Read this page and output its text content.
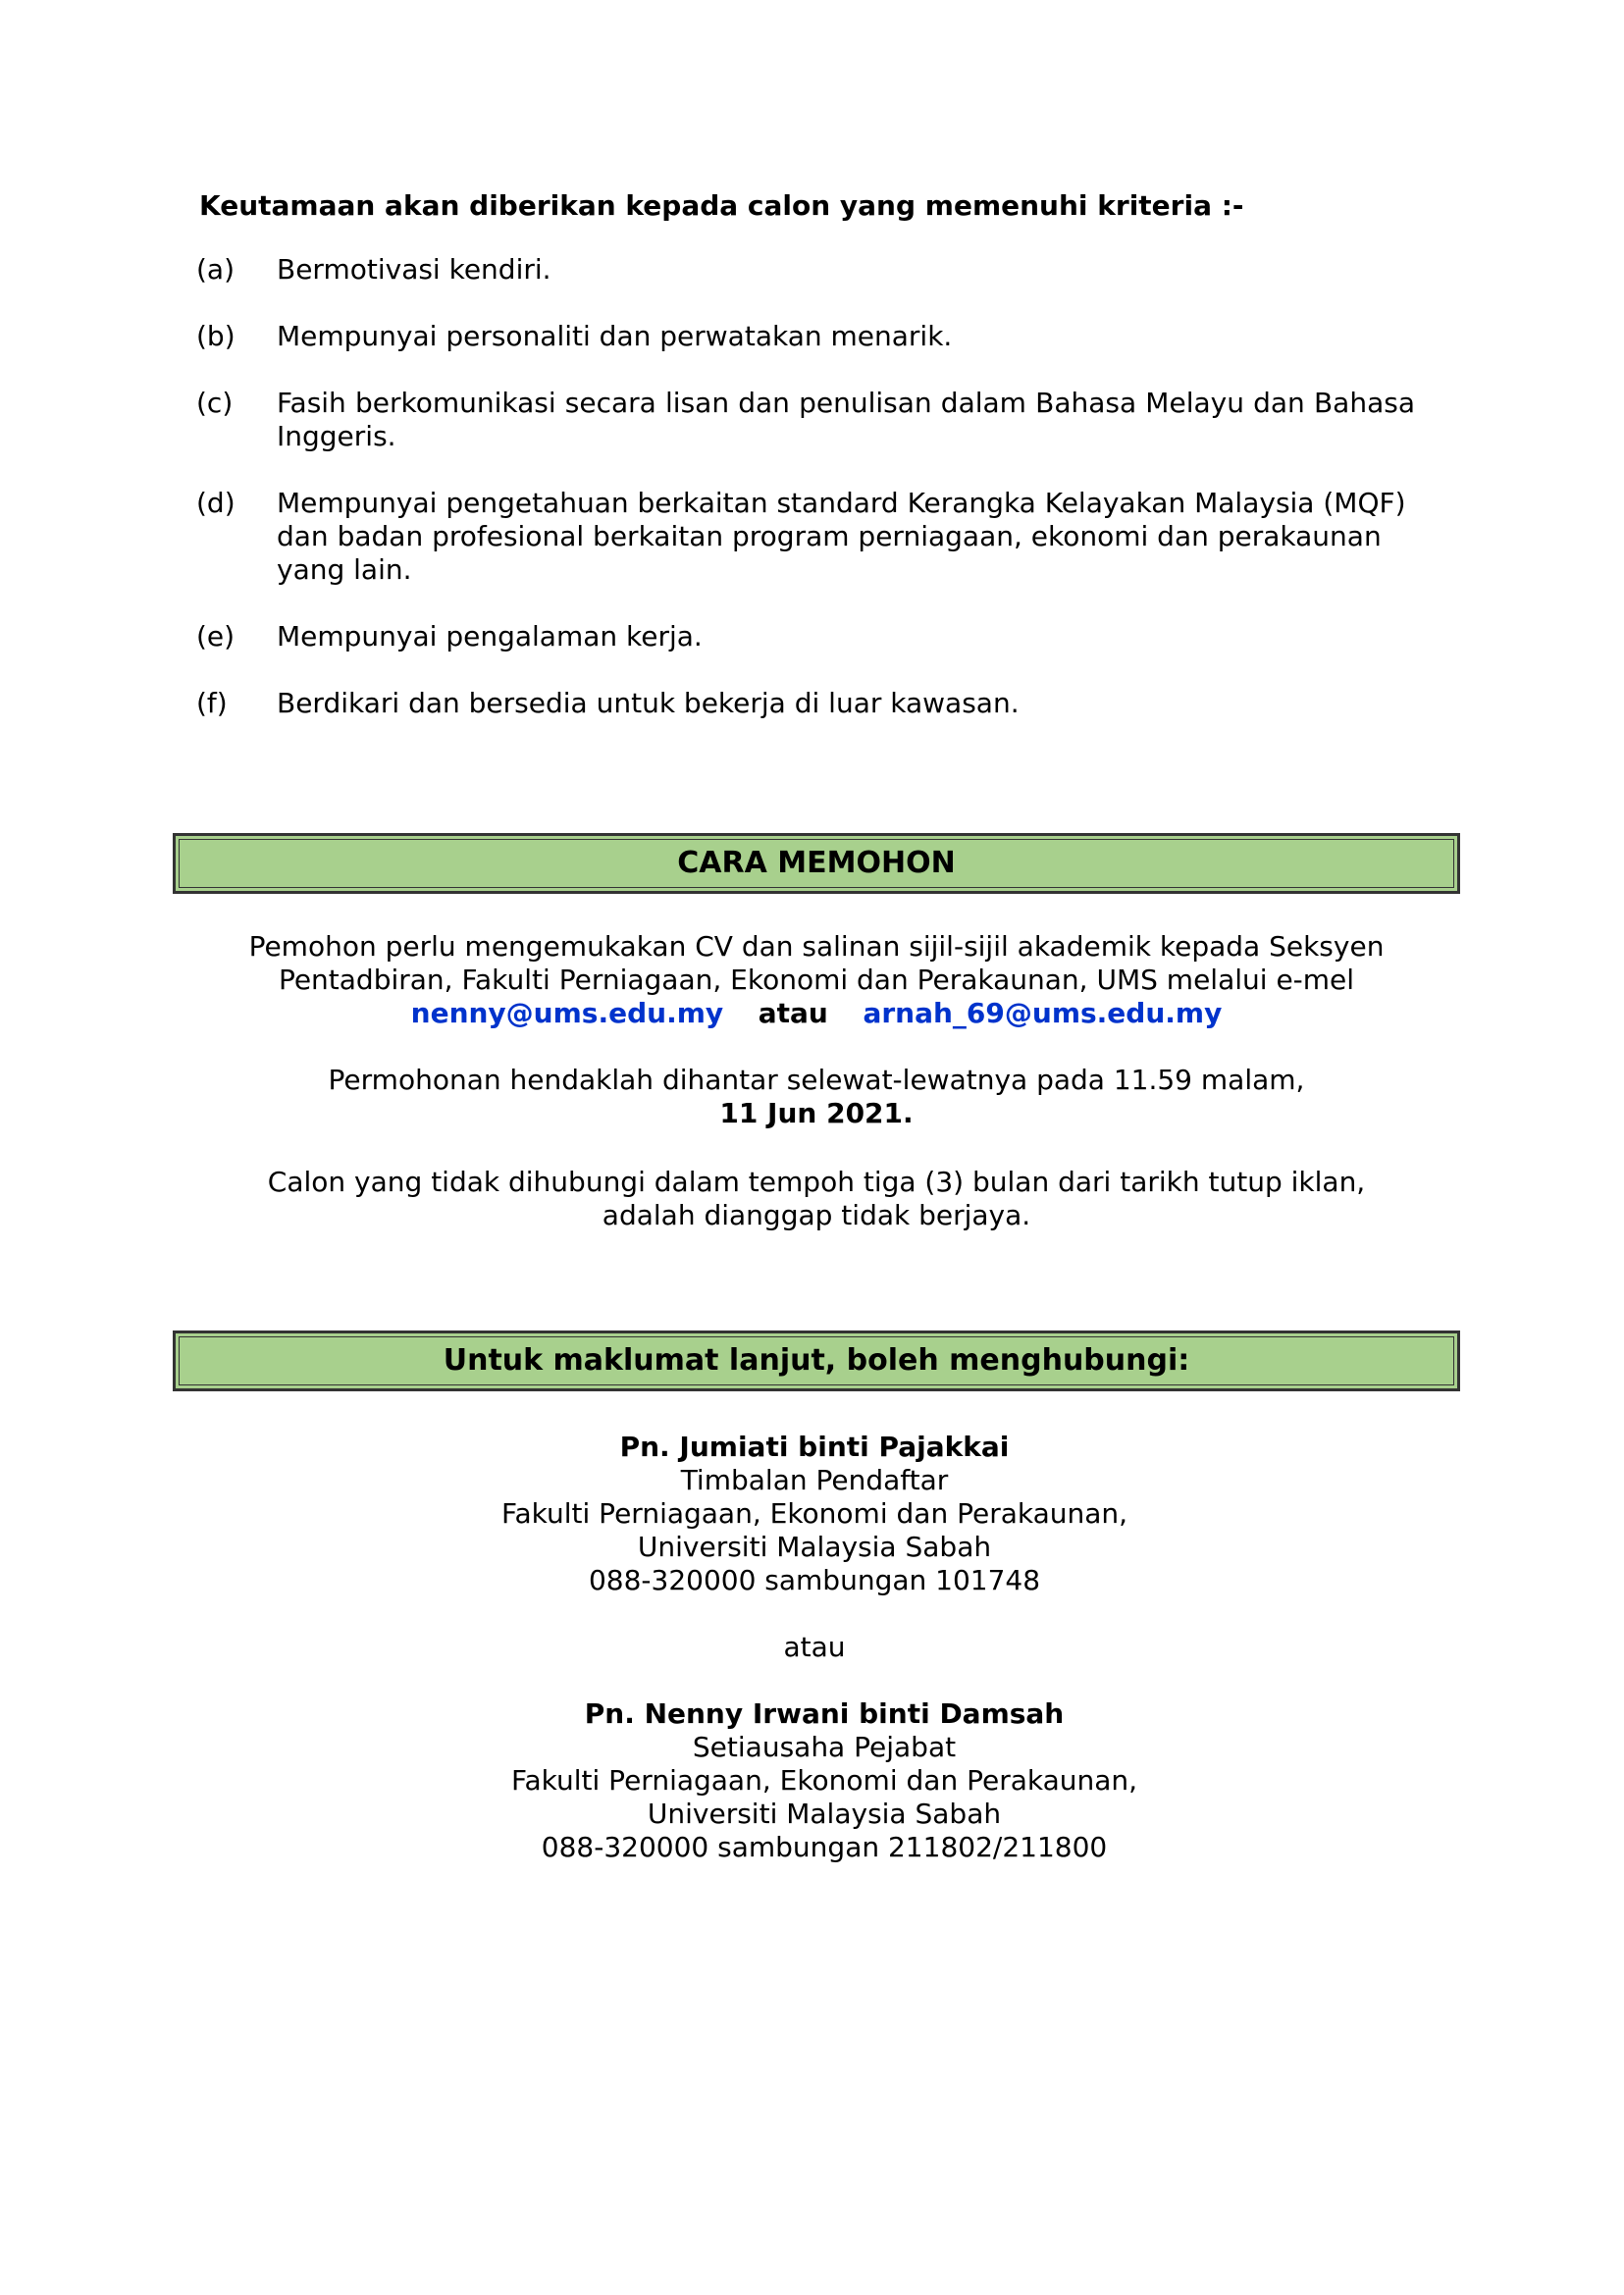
Keutamaan akan diberikan kepada calon yang memenuhi kriteria :-
(a) Bermotivasi kendiri.
(b) Mempunyai personaliti dan perwatakan menarik.
(c) Fasih berkomunikasi secara lisan dan penulisan dalam Bahasa Melayu dan Bahasa Inggeris.
(d) Mempunyai pengetahuan berkaitan standard Kerangka Kelayakan Malaysia (MQF) dan badan profesional berkaitan program perniagaan, ekonomi dan perakaunan yang lain.
(e) Mempunyai pengalaman kerja.
(f) Berdikari dan bersedia untuk bekerja di luar kawasan.
CARA MEMOHON

Pemohon perlu mengemukakan CV dan salinan sijil-sijil akademik kepada Seksyen

Pentadbiran, Fakulti Perniagaan, Ekonomi dan Perakaunan, UMS melalui e-mel

nenny@ums.edu.my atau arnah_69@ums.edu.my

Permohonan hendaklah dihantar selewat-lewatnya pada 11.59 malam,

11 Jun 2021.

Calon yang tidak dihubungi dalam tempoh tiga (3) bulan dari tarikh tutup iklan,

adalah dianggap tidak berjaya.

Untuk maklumat lanjut, boleh menghubungi:

Pn. Jumiati binti Pajakkai

Timbalan Pendaftar

Fakulti Perniagaan, Ekonomi dan Perakaunan,

Universiti Malaysia Sabah

088-320000 sambungan 101748

atau

Pn. Nenny Irwani binti Damsah

Setiausaha Pejabat

Fakulti Perniagaan, Ekonomi dan Perakaunan,

Universiti Malaysia Sabah

088-320000 sambungan 211802/211800
